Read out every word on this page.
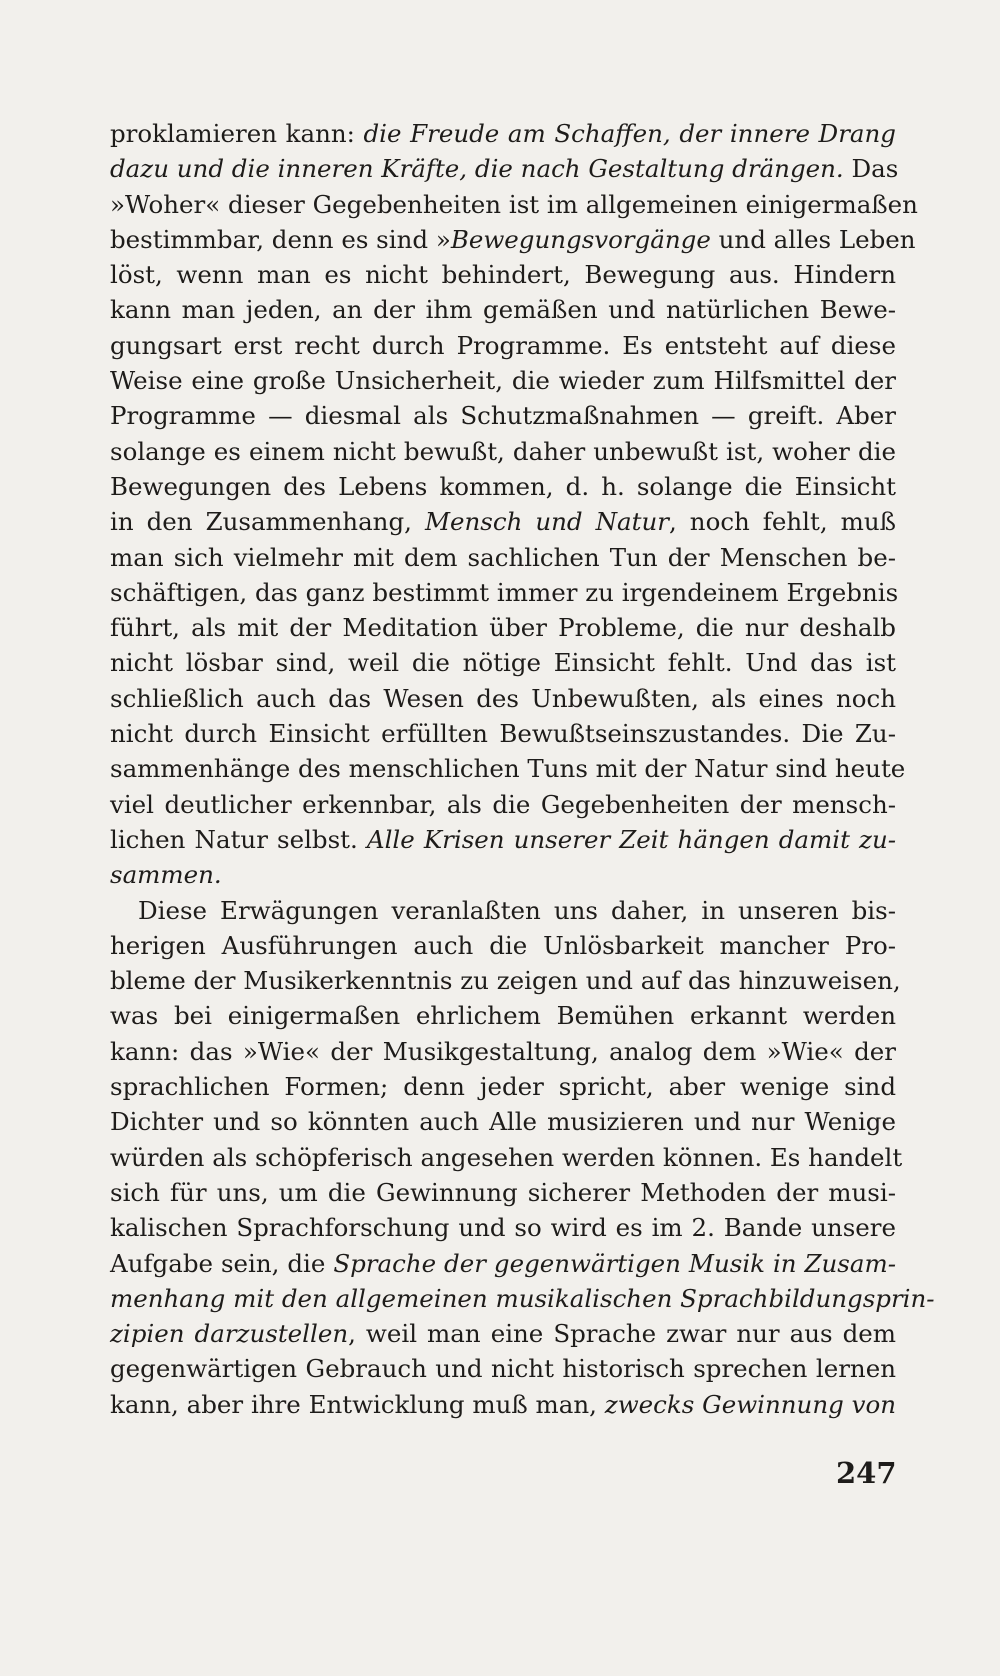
proklamieren kann: die Freude am Schaffen, der innere Drang
dazu und die inneren Kräfte, die nach Gestaltung drängen. Das
»Woher« dieser Gegebenheiten ist im allgemeinen einigermaßen
bestimmbar, denn es sind »Bewegungsvorgänge und alles Leben
löst, wenn man es nicht behindert, Bewegung aus. Hindern
kann man jeden, an der ihm gemäßen und natürlichen Bewe-
gungsart erst recht durch Programme. Es entsteht auf diese
Weise eine große Unsicherheit, die wieder zum Hilfsmittel der
Programme — diesmal als Schutzmaßnahmen — greift. Aber
solange es einem nicht bewußt, daher unbewußt ist, woher die
Bewegungen des Lebens kommen, d. h. solange die Einsicht
in den Zusammenhang, Mensch und Natur, noch fehlt, muß
man sich vielmehr mit dem sachlichen Tun der Menschen be-
schäftigen, das ganz bestimmt immer zu irgendeinem Ergebnis
führt, als mit der Meditation über Probleme, die nur deshalb
nicht lösbar sind, weil die nötige Einsicht fehlt. Und das ist
schließlich auch das Wesen des Unbewußten, als eines noch
nicht durch Einsicht erfüllten Bewußtseinszustandes. Die Zu-
sammenhänge des menschlichen Tuns mit der Natur sind heute
viel deutlicher erkennbar, als die Gegebenheiten der mensch-
lichen Natur selbst. Alle Krisen unserer Zeit hängen damit zu-
sammen.
Diese Erwägungen veranlaßten uns daher, in unseren bis-
herigen Ausführungen auch die Unlösbarkeit mancher Pro-
bleme der Musikerkenntnis zu zeigen und auf das hinzuweisen,
was bei einigermaßen ehrlichem Bemühen erkannt werden
kann: das »Wie« der Musikgestaltung, analog dem »Wie« der
sprachlichen Formen; denn jeder spricht, aber wenige sind
Dichter und so könnten auch Alle musizieren und nur Wenige
würden als schöpferisch angesehen werden können. Es handelt
sich für uns, um die Gewinnung sicherer Methoden der musi-
kalischen Sprachforschung und so wird es im 2. Bande unsere
Aufgabe sein, die Sprache der gegenwärtigen Musik in Zusam-
menhang mit den allgemeinen musikalischen Sprachbildungsprin-
zipien darzustellen, weil man eine Sprache zwar nur aus dem
gegenwärtigen Gebrauch und nicht historisch sprechen lernen
kann, aber ihre Entwicklung muß man, zwecks Gewinnung von
247
